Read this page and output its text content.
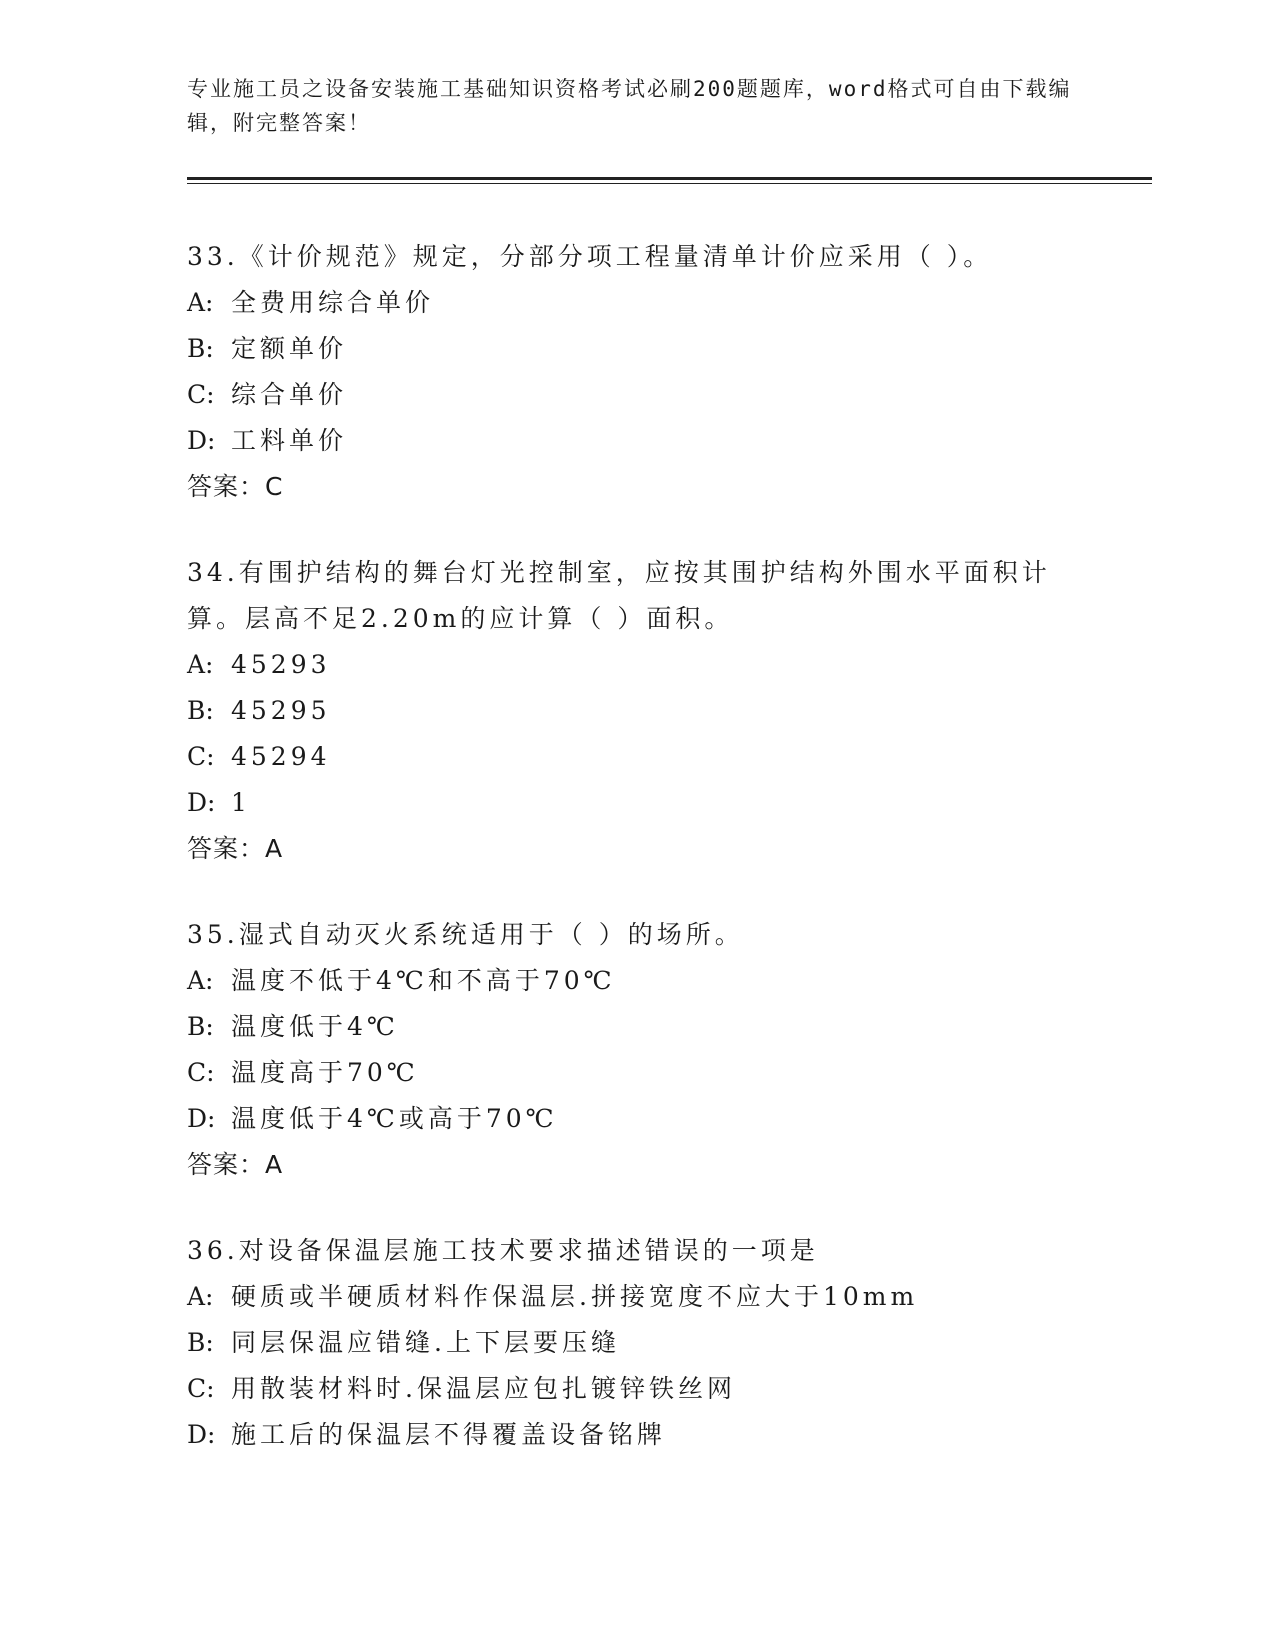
专业施工员之设备安装施工基础知识资格考试必刷200题题库，word格式可自由下载编辑，附完整答案！
33.《计价规范》规定，分部分项工程量清单计价应采用（ ）。
A: 全费用综合单价
B: 定额单价
C: 综合单价
D: 工料单价
答案：C
34.有围护结构的舞台灯光控制室，应按其围护结构外围水平面积计算。层高不足2.20m的应计算（ ）面积。
A: 45293
B: 45295
C: 45294
D: 1
答案：A
35.湿式自动灭火系统适用于（ ）的场所。
A: 温度不低于4℃和不高于70℃
B: 温度低于4℃
C: 温度高于70℃
D: 温度低于4℃或高于70℃
答案：A
36.对设备保温层施工技术要求描述错误的一项是
A: 硬质或半硬质材料作保温层.拼接宽度不应大于10mm
B: 同层保温应错缝.上下层要压缝
C: 用散装材料时.保温层应包扎镀锌铁丝网
D: 施工后的保温层不得覆盖设备铭牌
